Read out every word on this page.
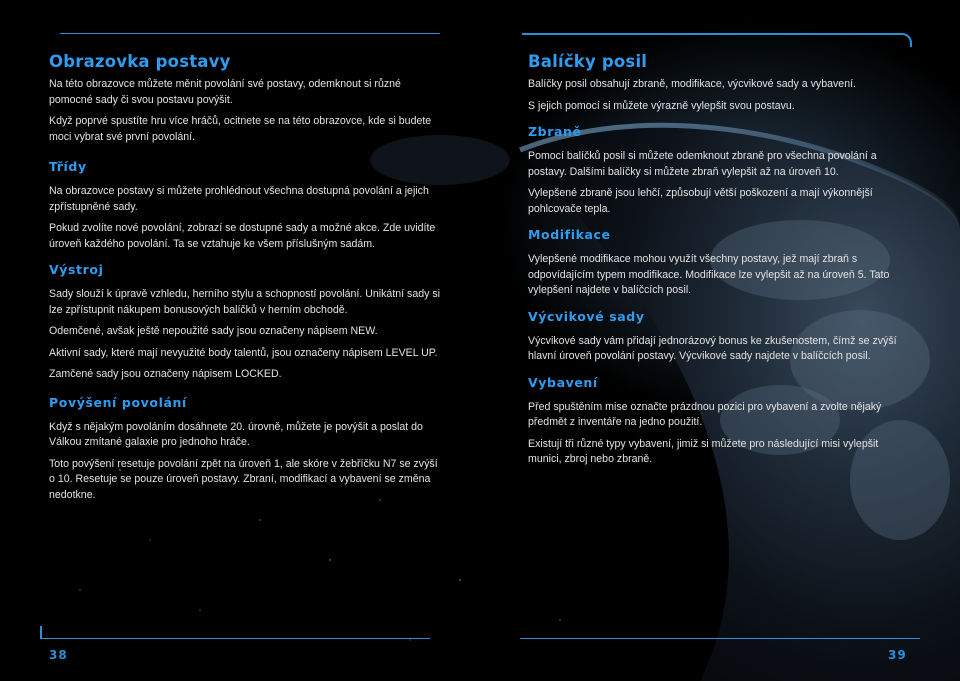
Obrazovka postavy

Na této obrazovce můžete měnit povolání své postavy, odemknout si různé pomocné sady či svou postavu povýšit.

Když poprvé spustíte hru více hráčů, ocitnete se na této obrazovce, kde si budete moci vybrat své první povolání.

Třídy

Na obrazovce postavy si můžete prohlédnout všechna dostupná povolání a jejich zpřístupněné sady.

Pokud zvolíte nové povolání, zobrazí se dostupné sady a možné akce. Zde uvidíte úroveň každého povolání. Ta se vztahuje ke všem příslušným sadám.

Výstroj

Sady slouží k úpravě vzhledu, herního stylu a schopností povolání. Unikátní sady si lze zpřístupnit nákupem bonusových balíčků v herním obchodě.

Odemčené, avšak ještě nepoužité sady jsou označeny nápisem NEW.

Aktivní sady, které mají nevyužité body talentů, jsou označeny nápisem LEVEL UP.

Zamčené sady jsou označeny nápisem LOCKED.

Povýšení povolání

Když s nějakým povoláním dosáhnete 20. úrovně, můžete je povýšit a poslat do Válkou zmítané galaxie pro jednoho hráče.

Toto povýšení resetuje povolání zpět na úroveň 1, ale skóre v žebříčku N7 se zvýší o 10. Resetuje se pouze úroveň postavy. Zbraní, modifikací a vybavení se změna nedotkne.

Balíčky posil

Balíčky posil obsahují zbraně, modifikace, výcvikové sady a vybavení.

S jejich pomocí si můžete výrazně vylepšit svou postavu.

Zbraně

Pomocí balíčků posil si můžete odemknout zbraně pro všechna povolání a postavy. Dalšími balíčky si můžete zbraň vylepšit až na úroveň 10.

Vylepšené zbraně jsou lehčí, způsobují větší poškození a mají výkonnější pohlcovače tepla.

Modifikace

Vylepšené modifikace mohou využít všechny postavy, jež mají zbraň s odpovídajícím typem modifikace. Modifikace lze vylepšit až na úroveň 5. Tato vylepšení najdete v balíčcích posil.

Výcvikové sady

Výcvikové sady vám přidají jednorázový bonus ke zkušenostem, čímž se zvýší hlavní úroveň povolání postavy. Výcvikové sady najdete v balíčcích posil.

Vybavení

Před spuštěním mise označte prázdnou pozici pro vybavení a zvolte nějaký předmět z inventáře na jedno použití.

Existují tři různé typy vybavení, jimiž si můžete pro následující misi vylepšit munici, zbroj nebo zbraně.

38	39
